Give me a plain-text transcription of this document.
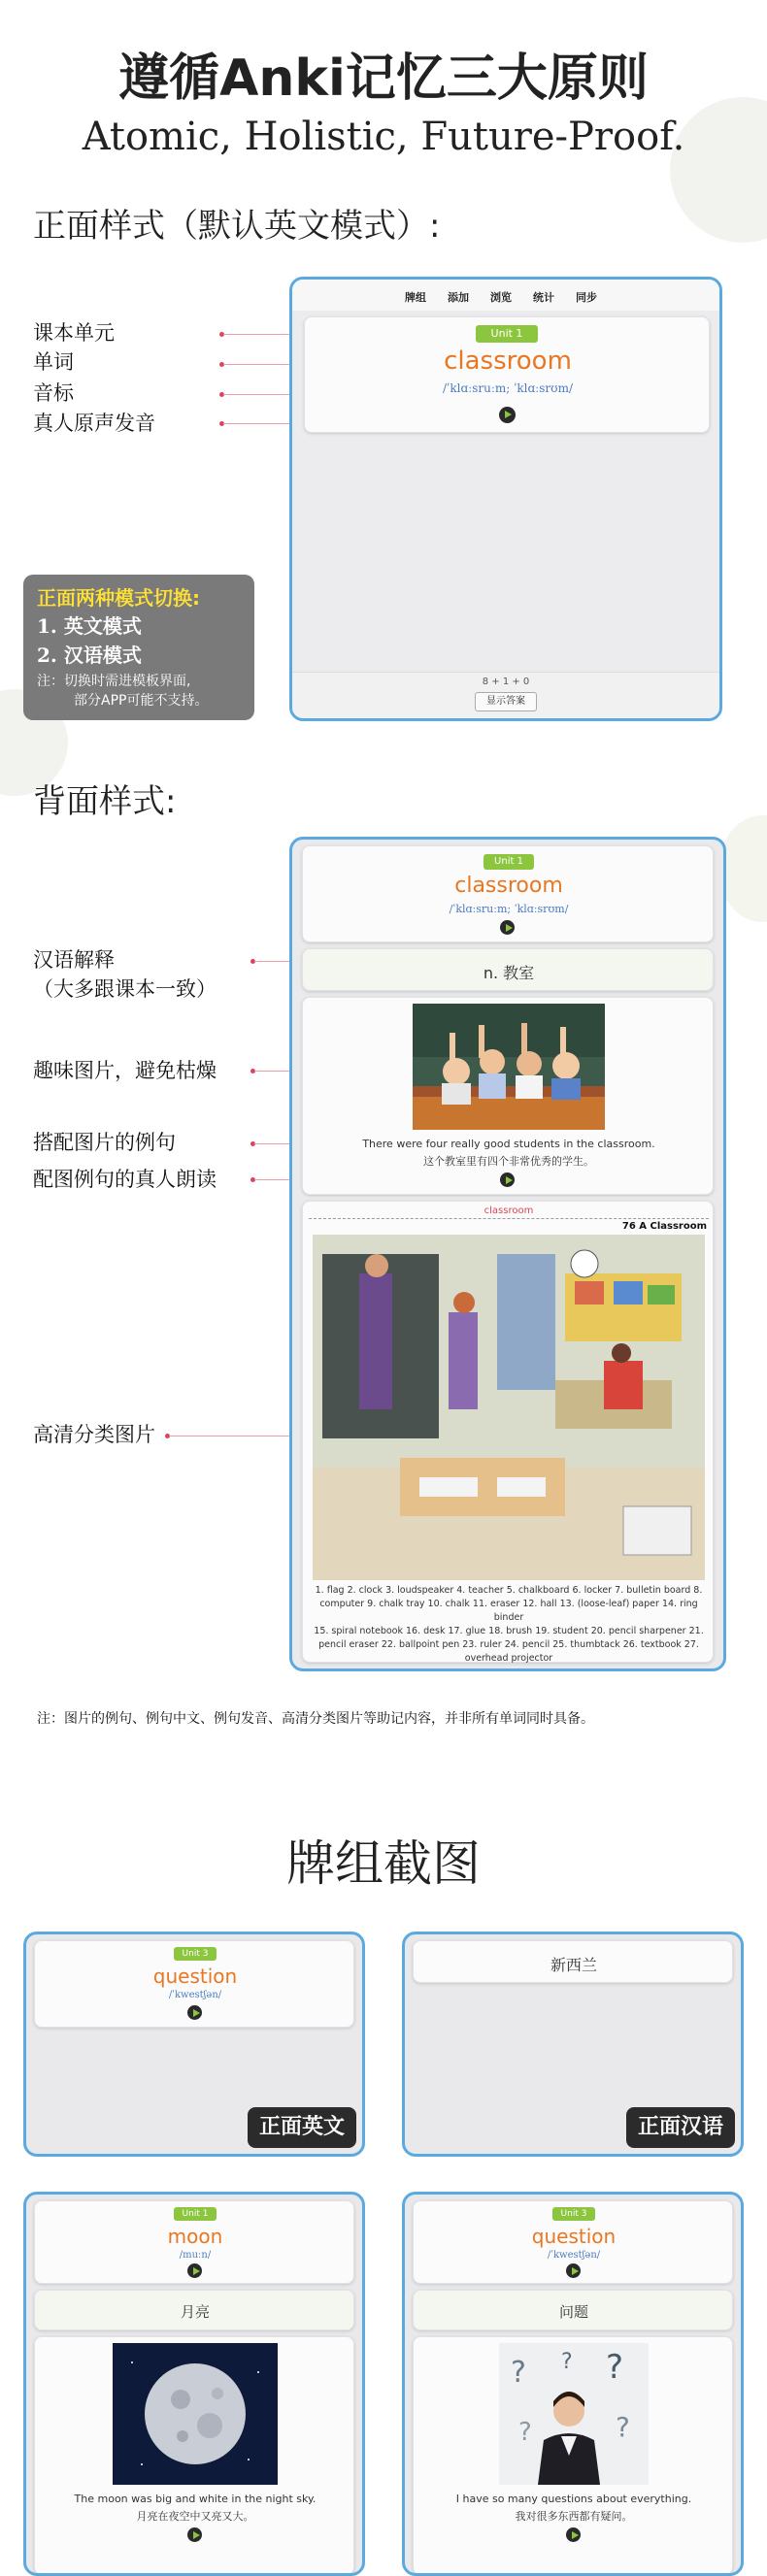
遵循Anki记忆三大原则
Atomic, Holistic, Future-Proof.
正面样式（默认英文模式）:
课本单元
单词
音标
真人原声发音
正面两种模式切换:
1. 英文模式
2. 汉语模式
注：切换时需进模板界面,
部分APP可能不支持。
牌组 添加 浏览 统计 同步
Unit 1
classroom
/ˈklɑːsruːm; ˈklɑːsrʊm/
8 + 1 + 0
显示答案
背面样式:
汉语解释
（大多跟课本一致）
趣味图片，避免枯燥
搭配图片的例句
配图例句的真人朗读
高清分类图片
Unit 1
classroom
/ˈklɑːsruːm; ˈklɑːsrʊm/
n. 教室
There were four really good students in the classroom.
这个教室里有四个非常优秀的学生。
classroom
76 A Classroom
1. flag 2. clock 3. loudspeaker 4. teacher 5. chalkboard 6. locker 7. bulletin board 8.
computer 9. chalk tray 10. chalk 11. eraser 12. hall 13. (loose-leaf) paper 14. ring binder
15. spiral notebook 16. desk 17. glue 18. brush 19. student 20. pencil sharpener 21.
pencil eraser 22. ballpoint pen 23. ruler 24. pencil 25. thumbtack 26. textbook 27.
overhead projector
注：图片的例句、例句中文、例句发音、高清分类图片等助记内容，并非所有单词同时具备。
牌组截图
Unit 3
question
/ˈkwestʃən/
正面英文
新西兰
正面汉语
Unit 1
moon
/muːn/
月亮
The moon was big and white in the night sky.
月亮在夜空中又亮又大。
Unit 3
question
/ˈkwestʃən/
问题
? ?
?
?
?
I have so many questions about everything.
我对很多东西都有疑问。
